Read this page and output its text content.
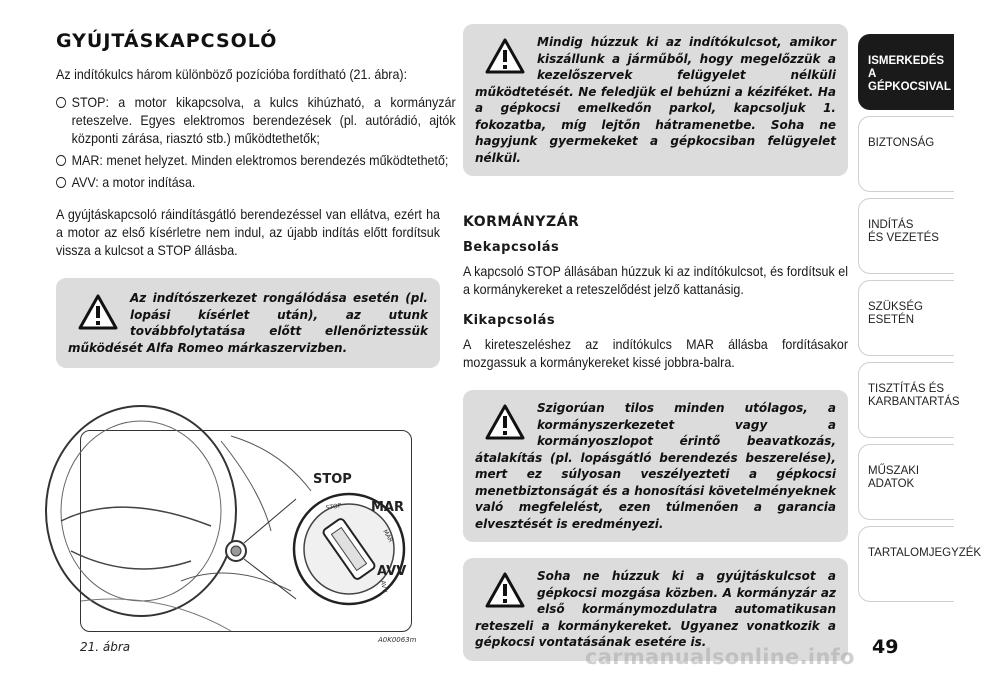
GYÚJTÁSKAPCSOLÓ

Az indítókulcs három különböző pozícióba fordítható (21. ábra):

STOP: a motor kikapcsolva, a kulcs kihúzható, a kormányzár reteszelve. Egyes elektromos berendezések (pl. autórádió, ajtók központi zárása, riasztó stb.) működtethetők;
MAR: menet helyzet. Minden elektromos berendezés működtethető;
AVV: a motor indítása.

A gyújtáskapcsoló ráindításgátló berendezéssel van ellátva, ezért ha a motor az első kísérletre nem indul, az újabb indítás előtt fordítsuk vissza a kulcsot a STOP állásba.

Az indítószerkezet rongálódása esetén (pl. lopási kísérlet után), az utunk továbbfolytatása előtt ellenőriztessük működését Alfa Romeo márkaszervizben.
STOP
MAR
AVV
STOP
MAR
AVV
21. ábra	A0K0063m
Mindig húzzuk ki az indítókulcsot, amikor kiszállunk a járműből, hogy megelőzzük a kezelőszervek felügyelet nélküli működtetését. Ne feledjük el behúzni a kéziféket. Ha a gépkocsi emelkedőn parkol, kapcsoljuk 1. fokozatba, míg lejtőn hátramenetbe. Soha ne hagyjunk gyermekeket a gépkocsiban felügyelet nélkül.
KORMÁNYZÁR
Bekapcsolás

A kapcsoló STOP állásában húzzuk ki az indítókulcsot, és fordítsuk el a kormánykereket a reteszelődést jelző kattanásig.

Kikapcsolás

A kireteszeléshez az indítókulcs MAR állásba fordításakor mozgassuk a kormánykereket kissé jobbra-balra.

Szigorúan tilos minden utólagos, a kormányszerkezetet vagy a kormányoszlopot érintő beavatkozás, átalakítás (pl. lopásgátló berendezés beszerelése), mert ez súlyosan veszélyezteti a gépkocsi menetbiztonságát és a honosítási követelményeknek való megfelelést, ezen túlmenően a garancia elvesztését is eredményezi.
Soha ne húzzuk ki a gyújtáskulcsot a gépkocsi mozgása közben. A kormányzár az első kormánymozdulatra automatikusan reteszeli a kormánykereket. Ugyanez vonatkozik a gépkocsi vontatásának esetére is.
ISMERKEDÉS
A GÉPKOCSIVAL
BIZTONSÁG
INDÍTÁS
ÉS VEZETÉS
SZÜKSÉG
ESETÉN
TISZTÍTÁS ÉS
KARBANTARTÁS
MŰSZAKI
ADATOK
TARTALOMJEGYZÉK
49
carmanualsonline.info
